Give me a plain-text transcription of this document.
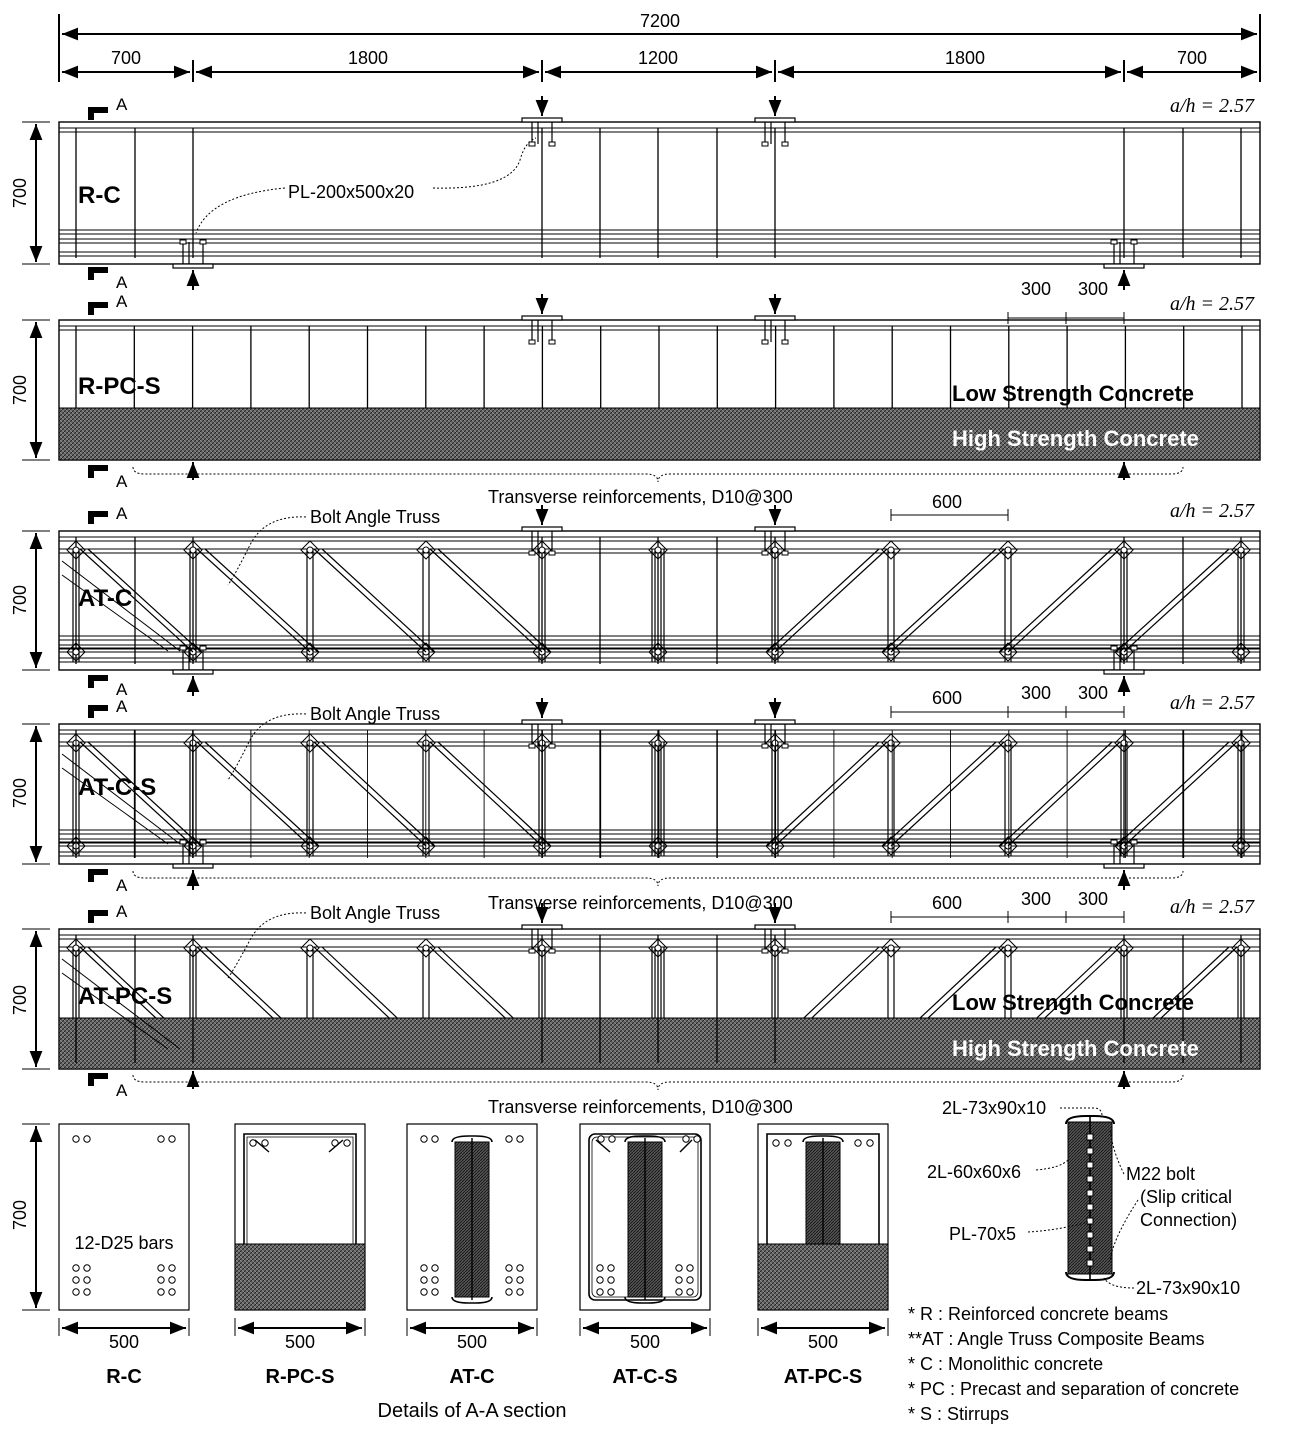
7200
700	1800	1200	1800	700
R-C
R-PC-S
AT-C
AT-C-S
AT-PC-S
a/h = 2.57
a/h = 2.57
a/h = 2.57
a/h = 2.57
a/h = 2.57
700
700
700
700
700
700
A
A
A
A
A
A
A
A
A
A
PL-200x500x20
300 300
Bolt Angle Truss
600
Bolt Angle Truss
600	300 300
Bolt Angle Truss	600	300 300
Transverse reinforcements, D10@300
Transverse reinforcements, D10@300
Transverse reinforcements, D10@300
Low Strength Concrete
High Strength Concrete
Low Strength Concrete
High Strength Concrete
12-D25 bars
500	500	500	500	500
R-C	R-PC-S	AT-C	AT-C-S	AT-PC-S
Details of A-A section
2L-73x90x10
2L-60x60x6
PL-70x5
2L-73x90x10
M22 bolt
(Slip critical
Connection)
* R : Reinforced concrete beams
**AT : Angle Truss Composite Beams
* C : Monolithic concrete
* PC : Precast and separation of concrete
* S : Stirrups
